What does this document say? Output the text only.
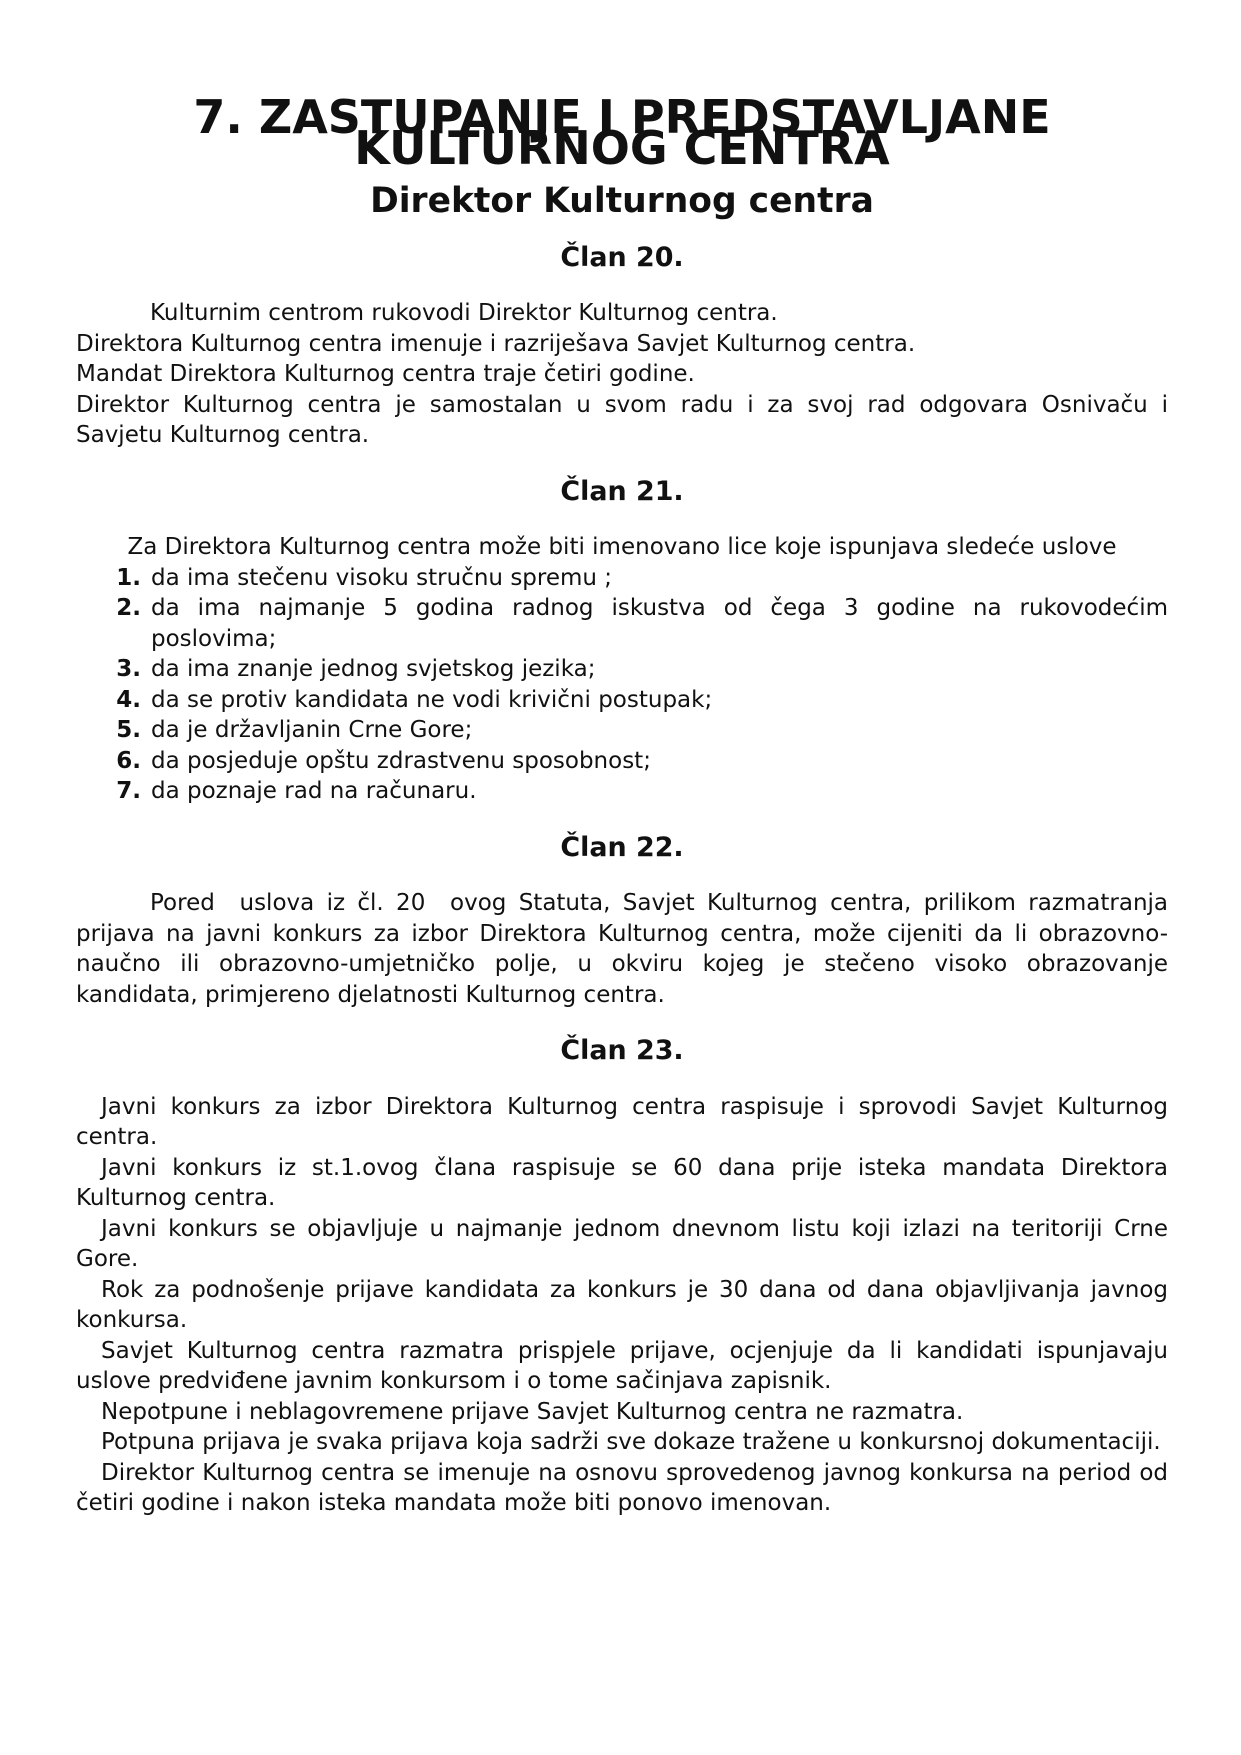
7. ZASTUPANJE I PREDSTAVLJANE KULTURNOG CENTRA
Direktor Kulturnog centra
Član 20.

Kulturnim centrom rukovodi Direktor Kulturnog centra.

Direktora Kulturnog centra imenuje i razriješava Savjet Kulturnog centra.

Mandat Direktora Kulturnog centra traje četiri godine.

Direktor Kulturnog centra je samostalan u svom radu i za svoj rad odgovara Osnivaču i Savjetu Kulturnog centra.

Član 21.

Za Direktora Kulturnog centra može biti imenovano lice koje ispunjava sledeće uslove

1. da ima stečenu visoku stručnu spremu ;
2. da ima najmanje 5 godina radnog iskustva od čega 3 godine na rukovodećim poslovima;
3. da ima znanje jednog svjetskog jezika;
4. da se protiv kandidata ne vodi krivični postupak;
5. da je državljanin Crne Gore;
6. da posjeduje opštu zdrastvenu sposobnost;
7. da poznaje rad na računaru.
Član 22.

Pored  uslova iz čl. 20  ovog Statuta, Savjet Kulturnog centra, prilikom razmatranja prijava na javni konkurs za izbor Direktora Kulturnog centra, može cijeniti da li obrazovno-naučno ili obrazovno-umjetničko polje, u okviru kojeg je stečeno visoko obrazovanje kandidata, primjereno djelatnosti Kulturnog centra.

Član 23.

Javni konkurs za izbor Direktora Kulturnog centra raspisuje i sprovodi Savjet Kulturnog centra.

Javni konkurs iz st.1.ovog člana raspisuje se 60 dana prije isteka mandata Direktora Kulturnog centra.

Javni konkurs se objavljuje u najmanje jednom dnevnom listu koji izlazi na teritoriji Crne Gore.

Rok za podnošenje prijave kandidata za konkurs je 30 dana od dana objavljivanja javnog konkursa.

Savjet Kulturnog centra razmatra prispjele prijave, ocjenjuje da li kandidati ispunjavaju uslove predviđene javnim konkursom i o tome sačinjava zapisnik.

Nepotpune i neblagovremene prijave Savjet Kulturnog centra ne razmatra.

Potpuna prijava je svaka prijava koja sadrži sve dokaze tražene u konkursnoj dokumentaciji.

Direktor Kulturnog centra se imenuje na osnovu sprovedenog javnog konkursa na period od četiri godine i nakon isteka mandata može biti ponovo imenovan.
